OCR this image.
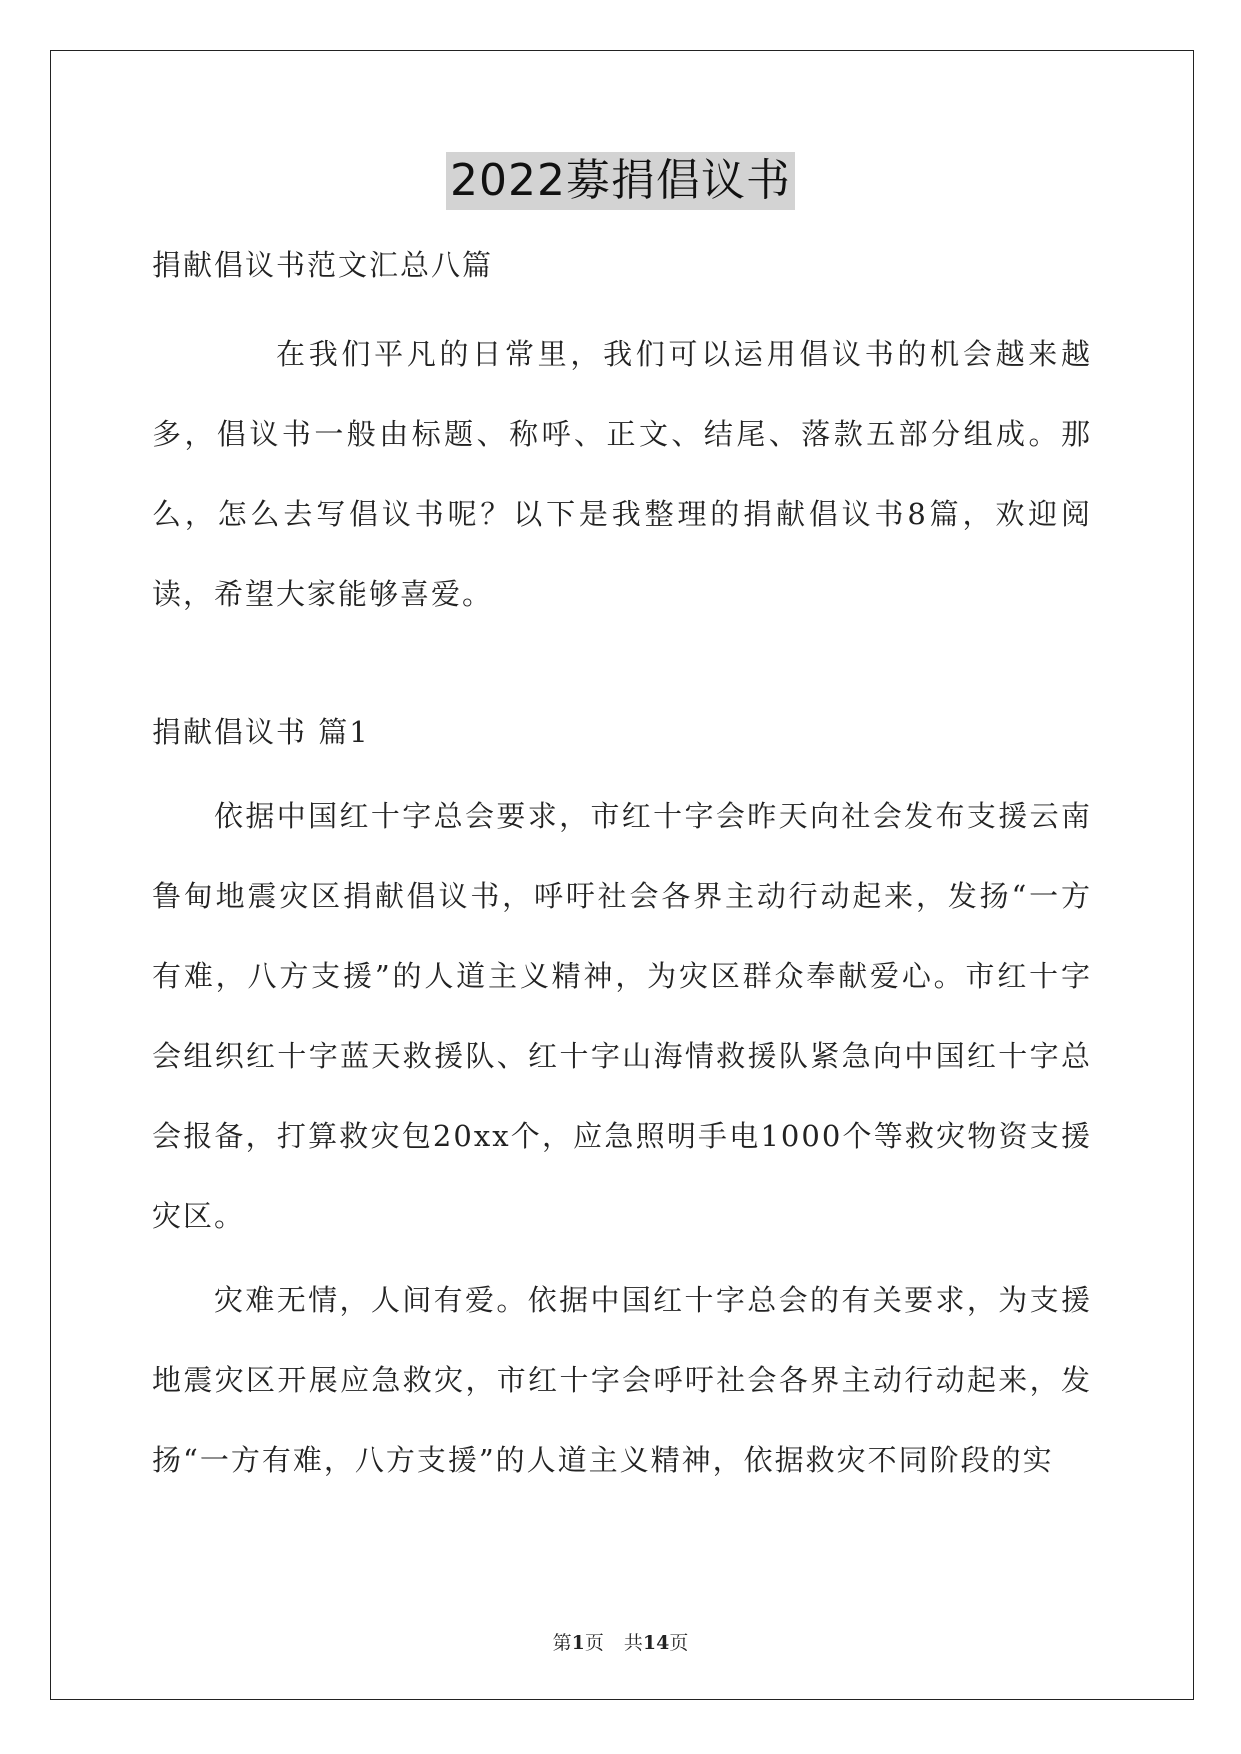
2022募捐倡议书

捐献倡议书范文汇总八篇

在我们平凡的日常里，我们可以运用倡议书的机会越来越多，倡议书一般由标题、称呼、正文、结尾、落款五部分组成。那么，怎么去写倡议书呢？以下是我整理的捐献倡议书8篇，欢迎阅读，希望大家能够喜爱。

捐献倡议书 篇1

依据中国红十字总会要求，市红十字会昨天向社会发布支援云南鲁甸地震灾区捐献倡议书，呼吁社会各界主动行动起来，发扬“一方有难，八方支援”的人道主义精神，为灾区群众奉献爱心。市红十字会组织红十字蓝天救援队、红十字山海情救援队紧急向中国红十字总会报备，打算救灾包20xx个，应急照明手电1000个等救灾物资支援灾区。

灾难无情，人间有爱。依据中国红十字总会的有关要求，为支援地震灾区开展应急救灾，市红十字会呼吁社会各界主动行动起来，发扬“一方有难，八方支援”的人道主义精神，依据救灾不同阶段的实

第1页 共14页
